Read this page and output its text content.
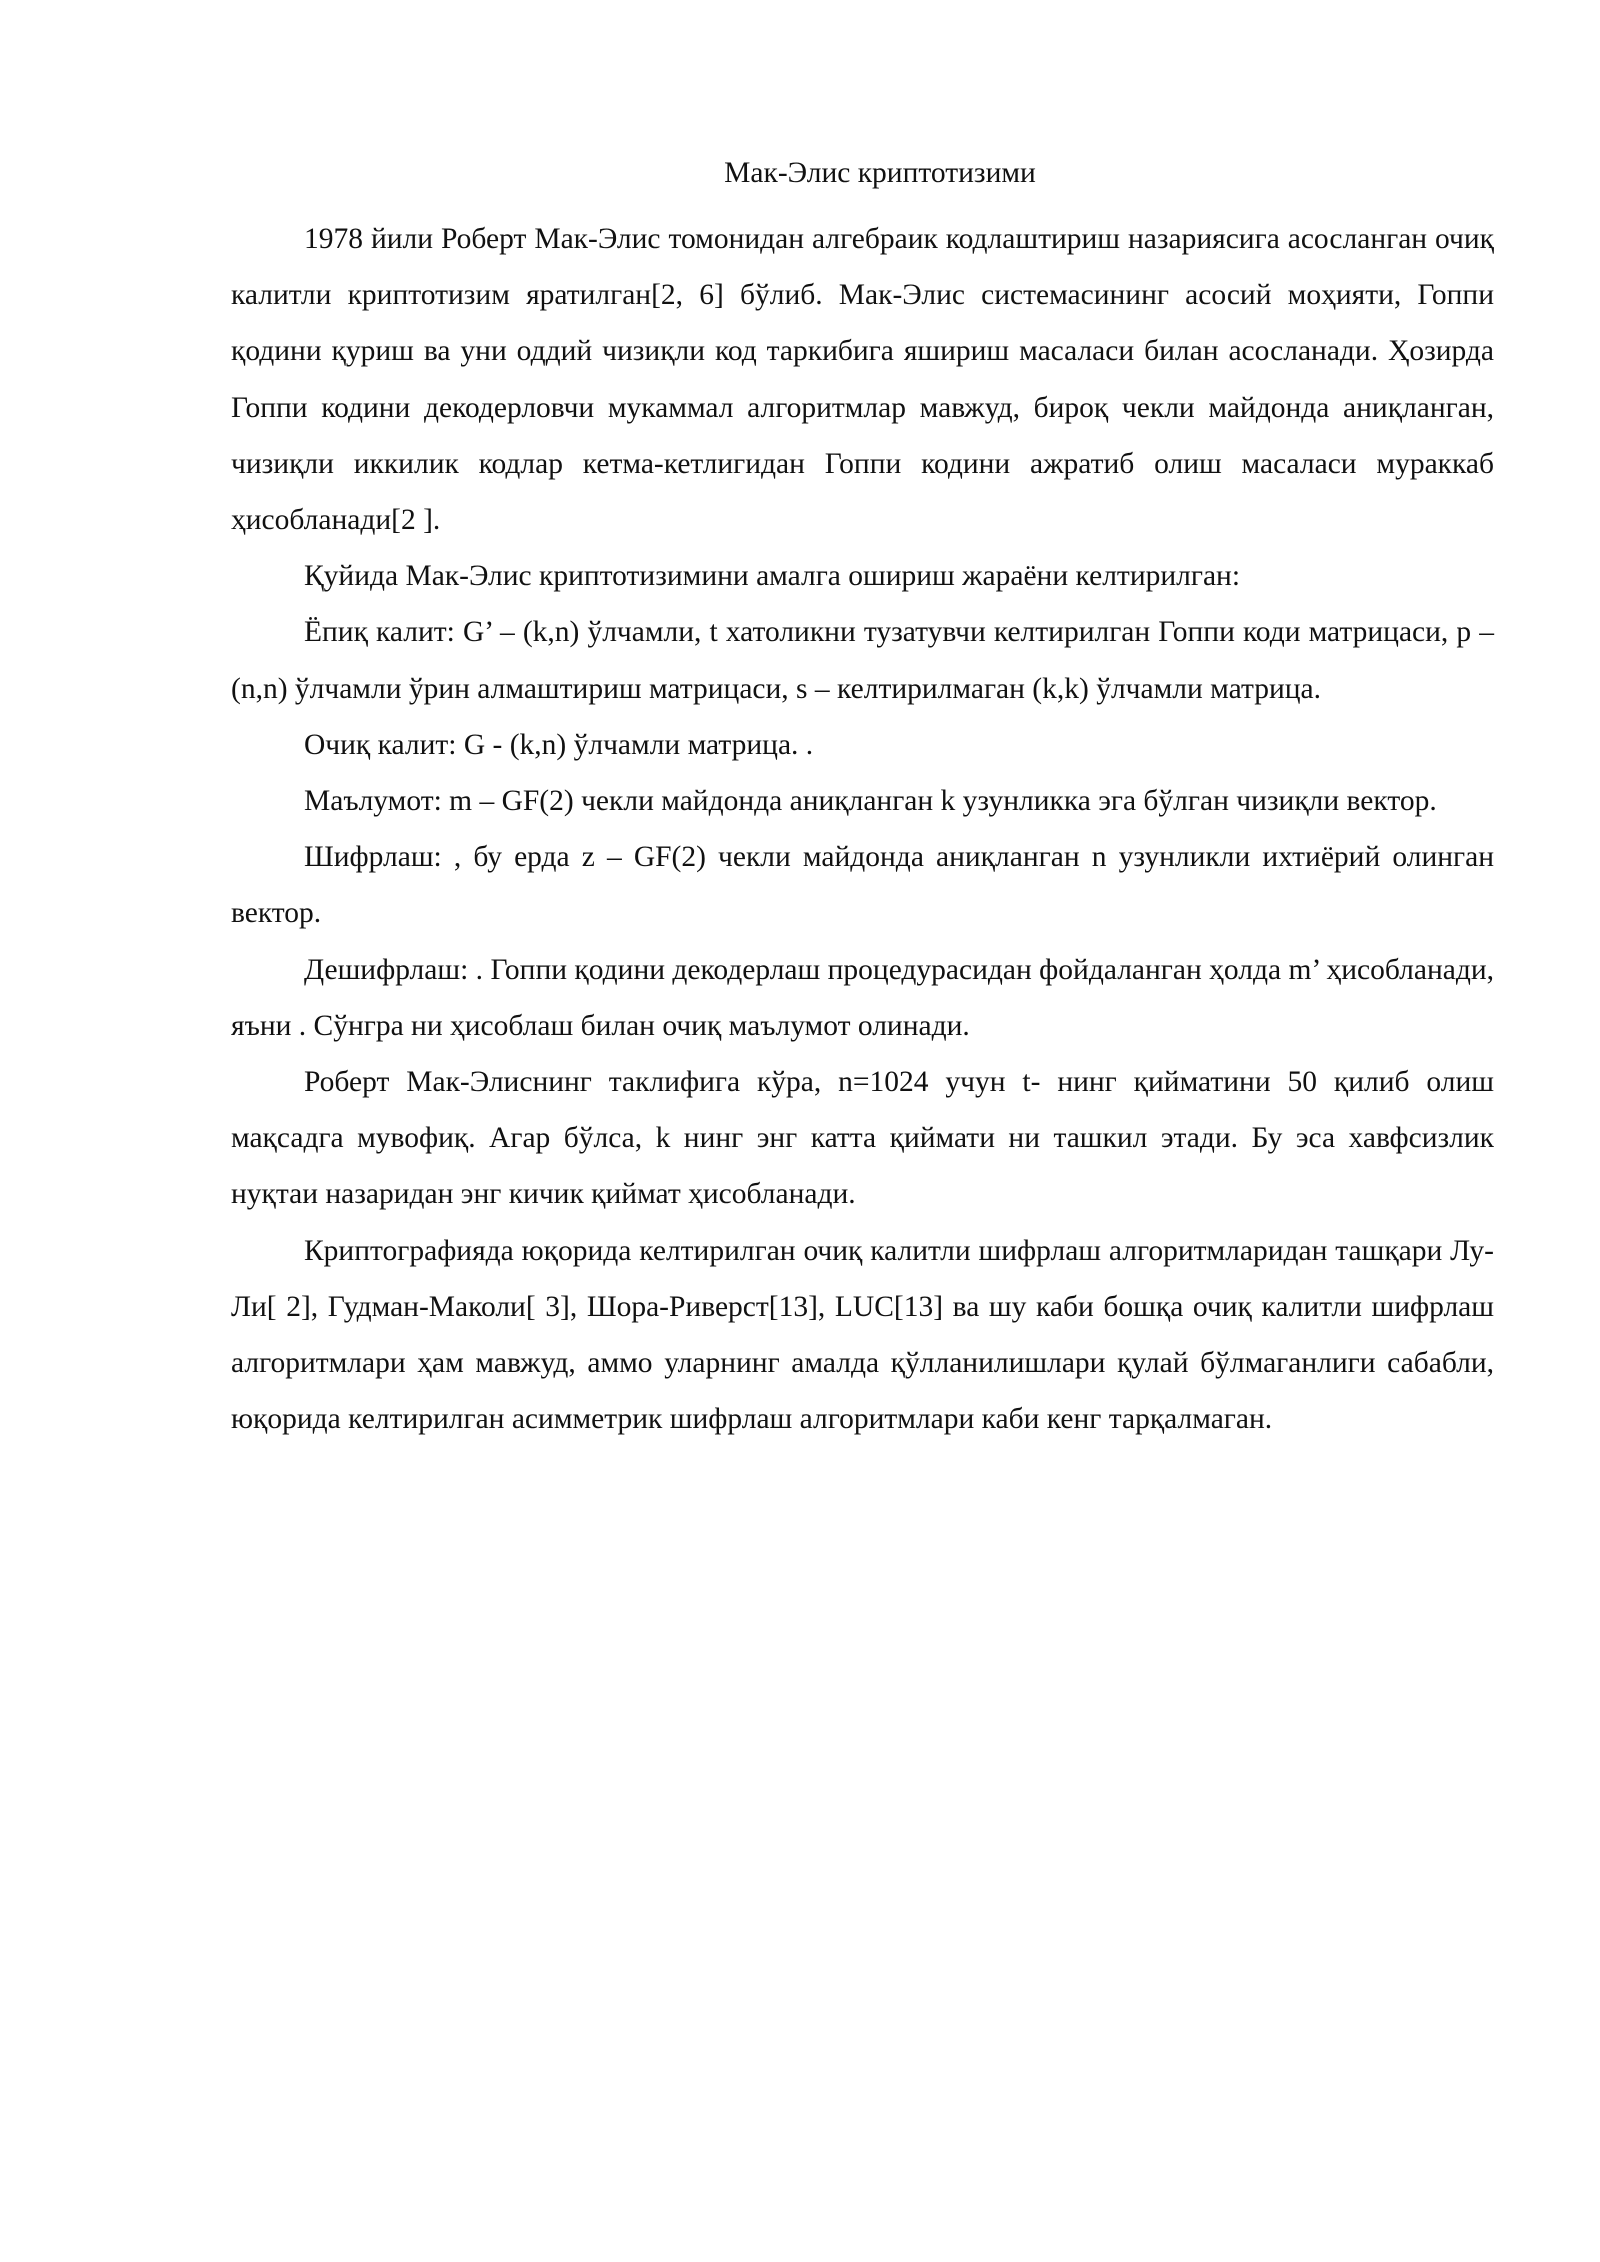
Мак-Элис криптотизими

1978 йили Роберт Мак-Элис томонидан алгебраик кодлаштириш назариясига асосланган очиқ калитли криптотизим яратилган[2, 6] бўлиб. Мак-Элис системасининг асосий моҳияти, Гоппи қодини қуриш ва уни оддий чизиқли код таркибига яшириш масаласи билан асосланади. Ҳозирда Гоппи кодини декодерловчи мукаммал алгоритмлар мавжуд, бироқ чекли майдонда аниқланган, чизиқли иккилик кодлар кетма-кетлигидан Гоппи кодини ажратиб олиш масаласи мураккаб ҳисобланади[2 ].

Қуйида Мак-Элис криптотизимини амалга ошириш жараёни келтирилган:

Ёпиқ калит: G’ – (k,n) ўлчамли, t хатоликни тузатувчи келтирилган Гоппи коди матрицаси, p – (n,n) ўлчамли ўрин алмаштириш матрицаси, s – келтирилмаган (k,k) ўлчамли матрица.

Очиқ калит: G - (k,n) ўлчамли матрица. .

Маълумот: m – GF(2) чекли майдонда аниқланган k узунликка эга бўлган чизиқли вектор.

Шифрлаш: , бу ерда z – GF(2) чекли майдонда аниқланган n узунликли ихтиёрий олинган вектор.

Дешифрлаш: . Гоппи қодини декодерлаш процедурасидан фойдаланган ҳолда m’ ҳисобланади, яъни . Сўнгра ни ҳисоблаш билан очиқ маълумот олинади.

Роберт Мак-Элиснинг таклифига кўра, n=1024 учун t- нинг қийматини 50 қилиб олиш мақсадга мувофиқ. Агар бўлса, k нинг энг катта қиймати ни ташкил этади. Бу эса хавфсизлик нуқтаи назаридан энг кичик қиймат ҳисобланади.

Криптографияда юқорида келтирилган очиқ калитли шифрлаш алгоритмларидан ташқари Лу-Ли[ 2], Гудман-Маколи[ 3], Шора-Риверст[13], LUC[13] ва шу каби бошқа очиқ калитли шифрлаш алгоритмлари ҳам мавжуд, аммо уларнинг амалда қўлланилишлари қулай бўлмаганлиги сабабли, юқорида келтирилган асимметрик шифрлаш алгоритмлари каби кенг тарқалмаган.
